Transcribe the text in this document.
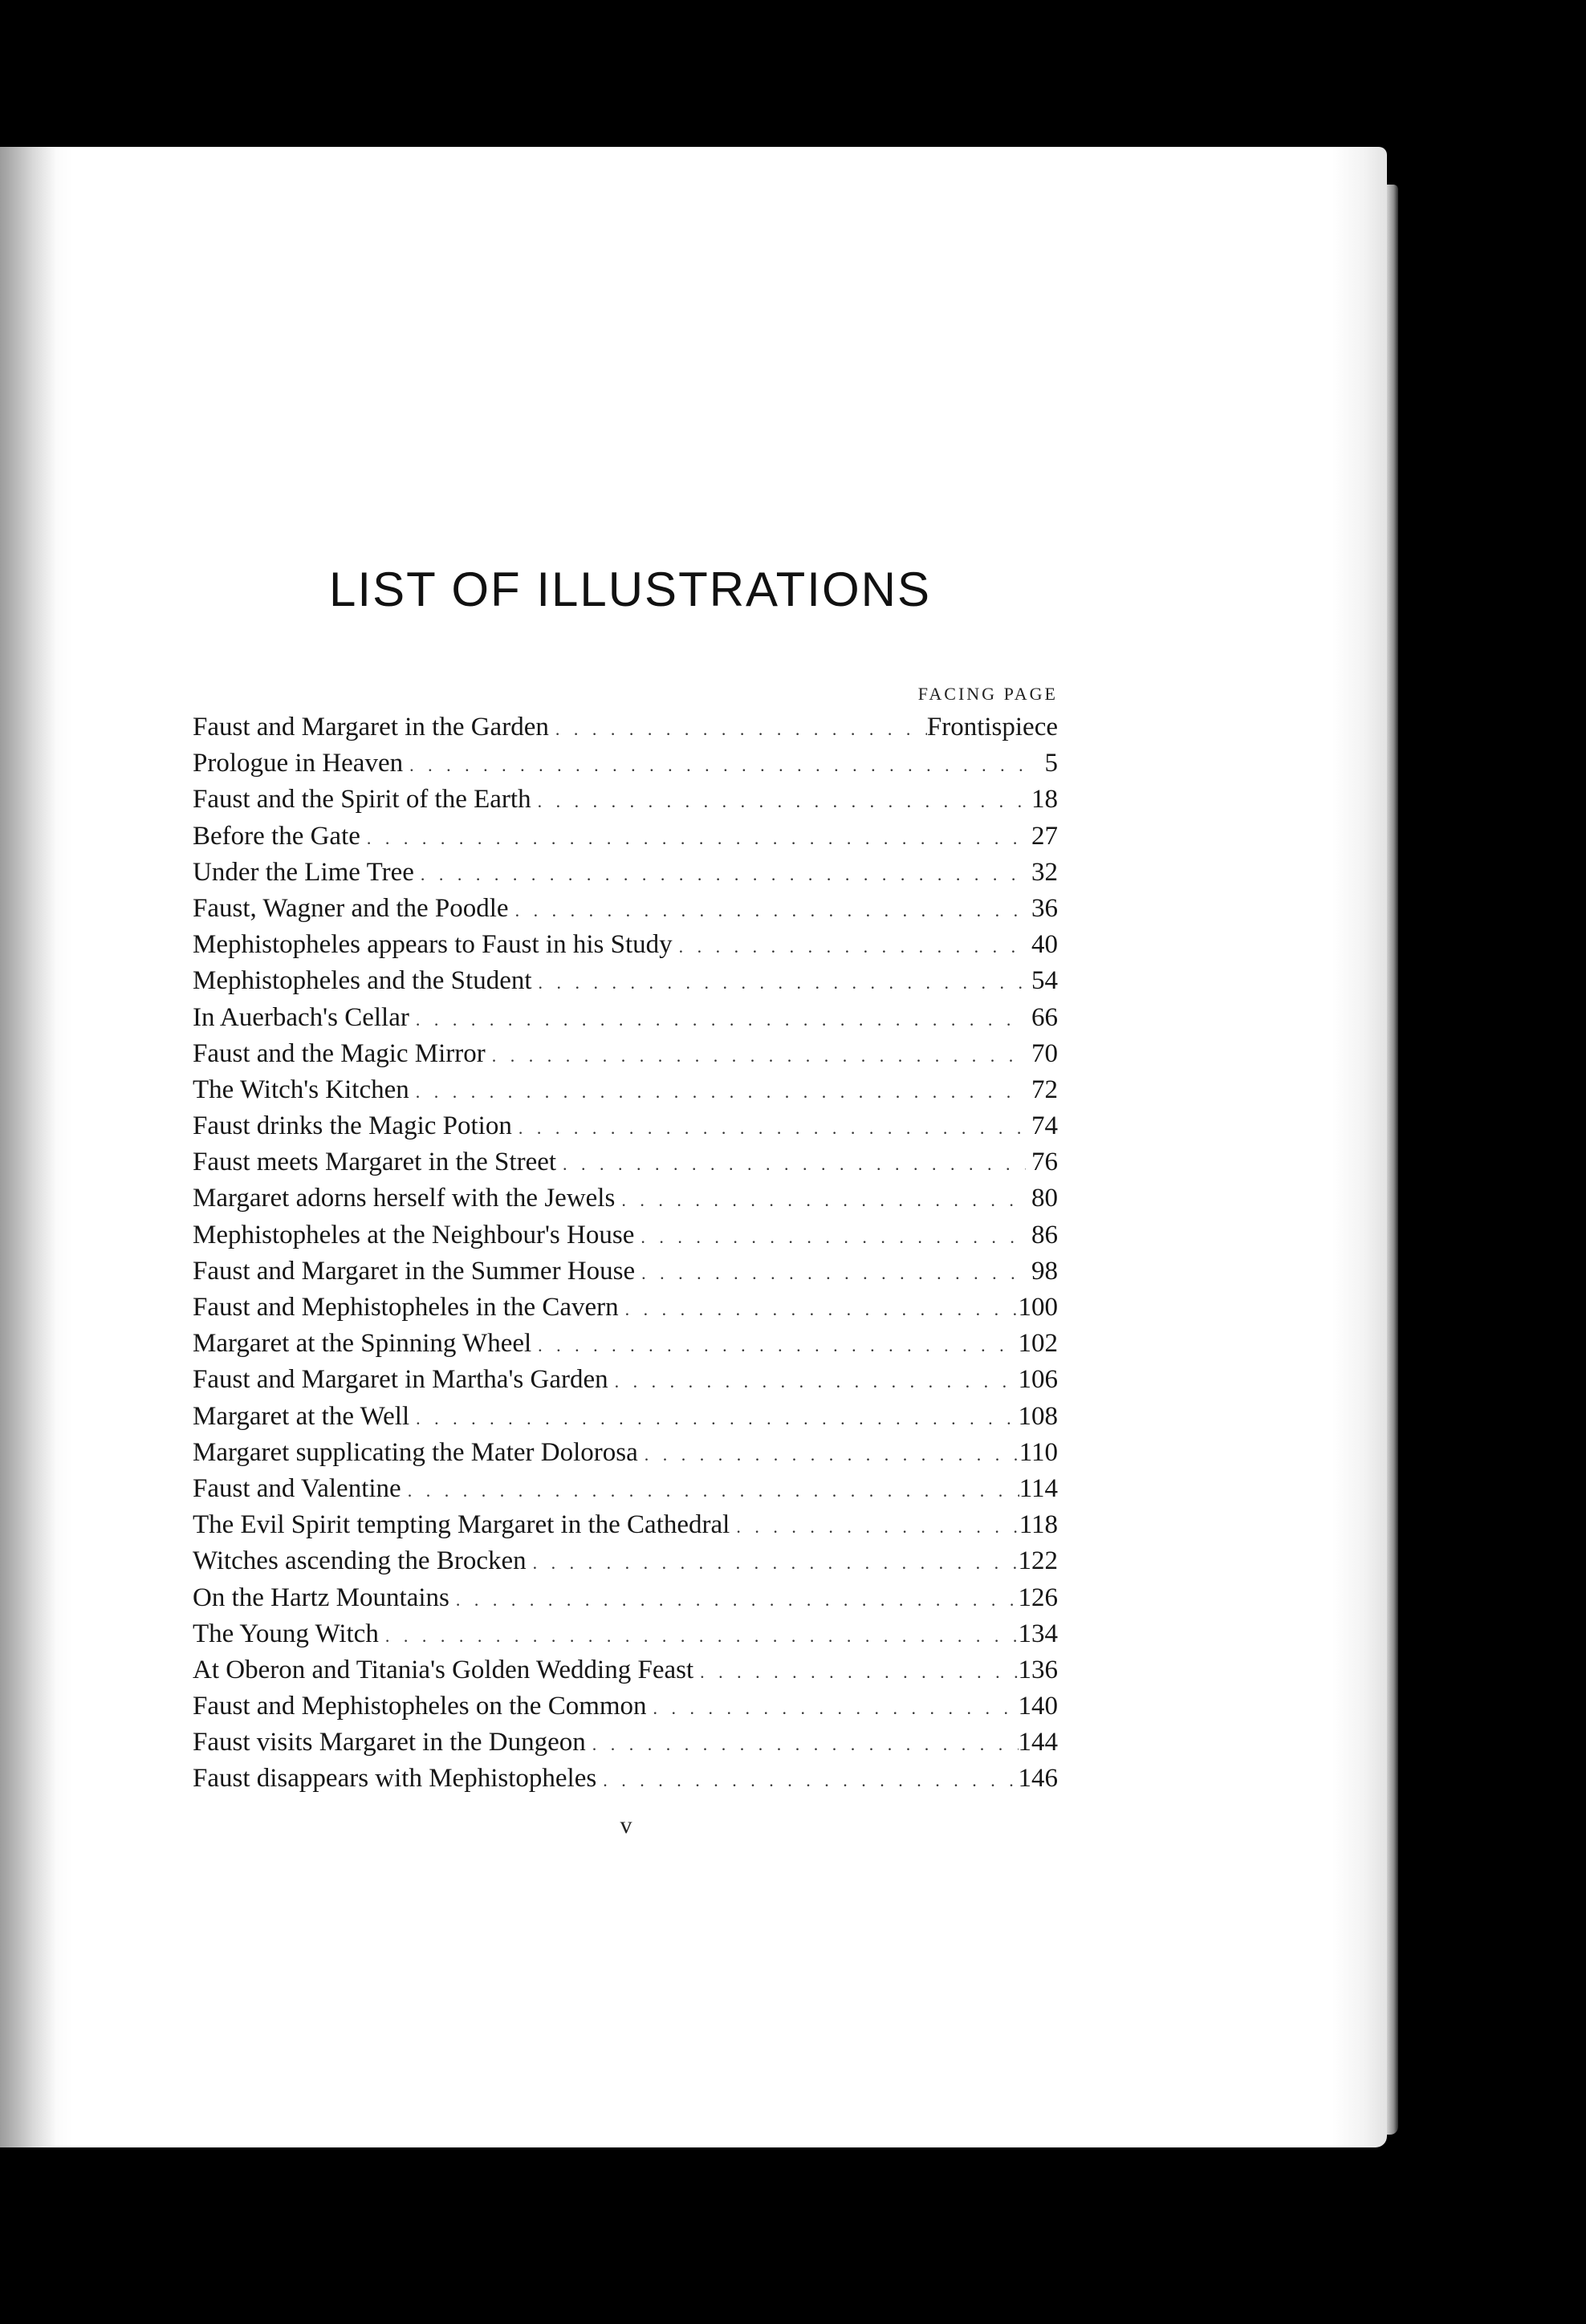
LIST OF ILLUSTRATIONS
FACING PAGE
Faust and Margaret in the Garden . . .	Frontispiece
Prologue in Heaven . . .	5
Faust and the Spirit of the Earth . . .	18
Before the Gate . . .	27
Under the Lime Tree . . .	32
Faust, Wagner and the Poodle . . .	36
Mephistopheles appears to Faust in his Study . . .	40
Mephistopheles and the Student . . .	54
In Auerbach's Cellar . . .	66
Faust and the Magic Mirror . . .	70
The Witch's Kitchen . . .	72
Faust drinks the Magic Potion . . .	74
Faust meets Margaret in the Street . . .	76
Margaret adorns herself with the Jewels . . .	80
Mephistopheles at the Neighbour's House . . .	86
Faust and Margaret in the Summer House . . .	98
Faust and Mephistopheles in the Cavern . . .	100
Margaret at the Spinning Wheel . . .	102
Faust and Margaret in Martha's Garden . . .	106
Margaret at the Well . . .	108
Margaret supplicating the Mater Dolorosa . . .	110
Faust and Valentine . . .	114
The Evil Spirit tempting Margaret in the Cathedral . . .	118
Witches ascending the Brocken . . .	122
On the Hartz Mountains . . .	126
The Young Witch . . .	134
At Oberon and Titania's Golden Wedding Feast . . .	136
Faust and Mephistopheles on the Common . . .	140
Faust visits Margaret in the Dungeon . . .	144
Faust disappears with Mephistopheles . . .	146
v
